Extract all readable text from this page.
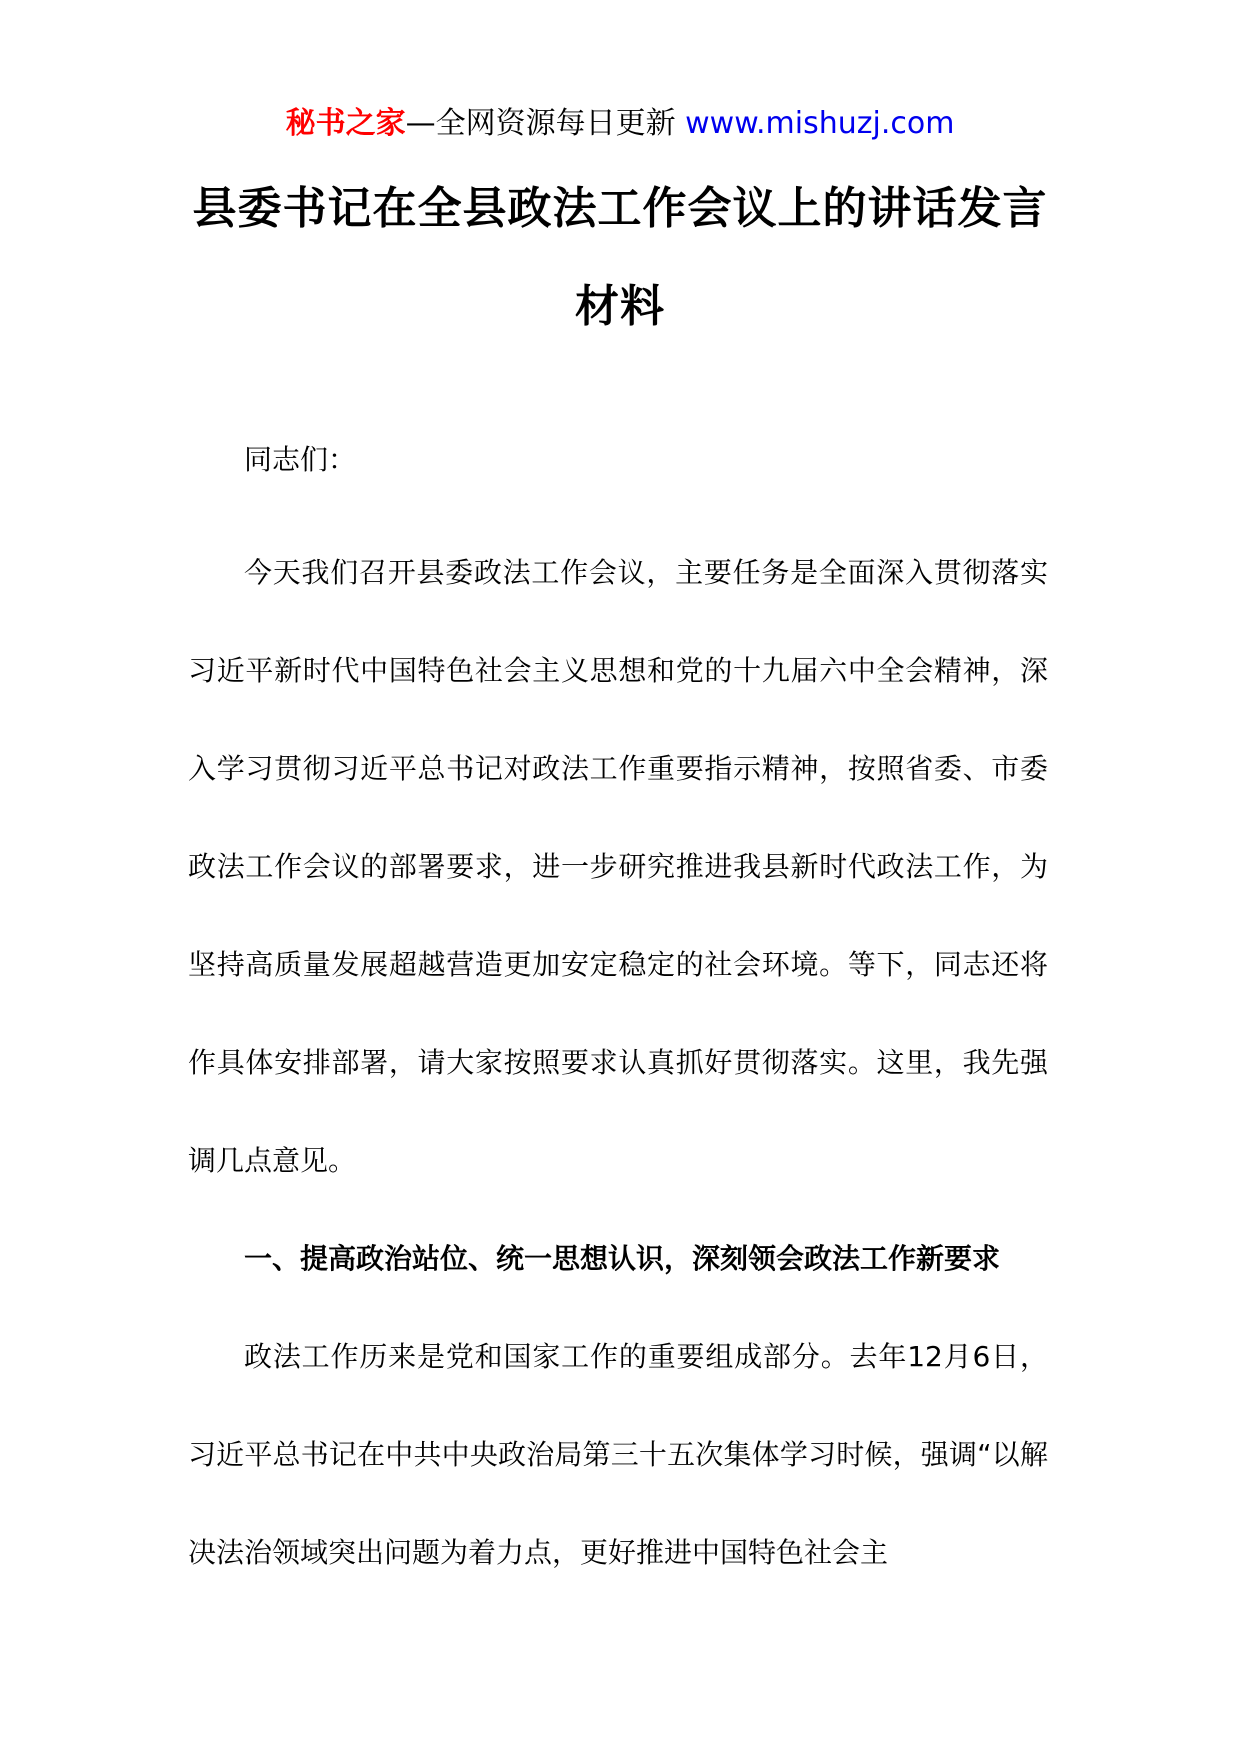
秘书之家—全网资源每日更新 www.mishuzj.com
县委书记在全县政法工作会议上的讲话发言材料

同志们：

今天我们召开县委政法工作会议，主要任务是全面深入贯彻落实习近平新时代中国特色社会主义思想和党的十九届六中全会精神，深入学习贯彻习近平总书记对政法工作重要指示精神，按照省委、市委政法工作会议的部署要求，进一步研究推进我县新时代政法工作，为坚持高质量发展超越营造更加安定稳定的社会环境。等下，同志还将作具体安排部署，请大家按照要求认真抓好贯彻落实。这里，我先强调几点意见。

一、提高政治站位、统一思想认识，深刻领会政法工作新要求

政法工作历来是党和国家工作的重要组成部分。去年12月6日，习近平总书记在中共中央政治局第三十五次集体学习时候，强调“以解决法治领域突出问题为着力点，更好推进中国特色社会主
